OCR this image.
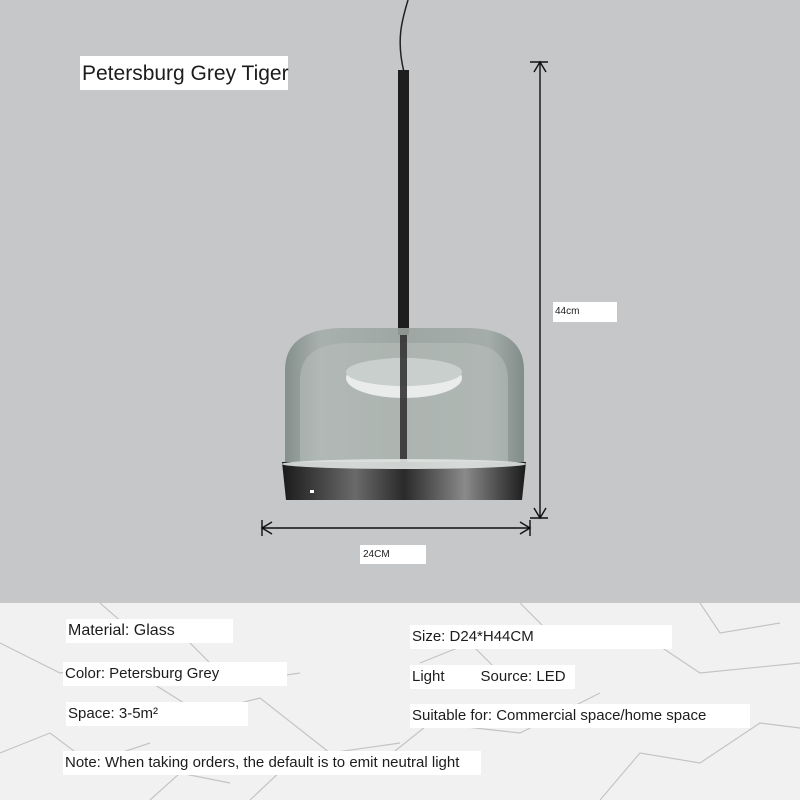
Petersburg Grey Tiger
44cm
24CM
Material: Glass
Color: Petersburg Grey
Space: 3-5m²
Size: D24*H44CM
Light Source: LED
Suitable for: Commercial space/home space
Note: When taking orders, the default is to emit neutral light
